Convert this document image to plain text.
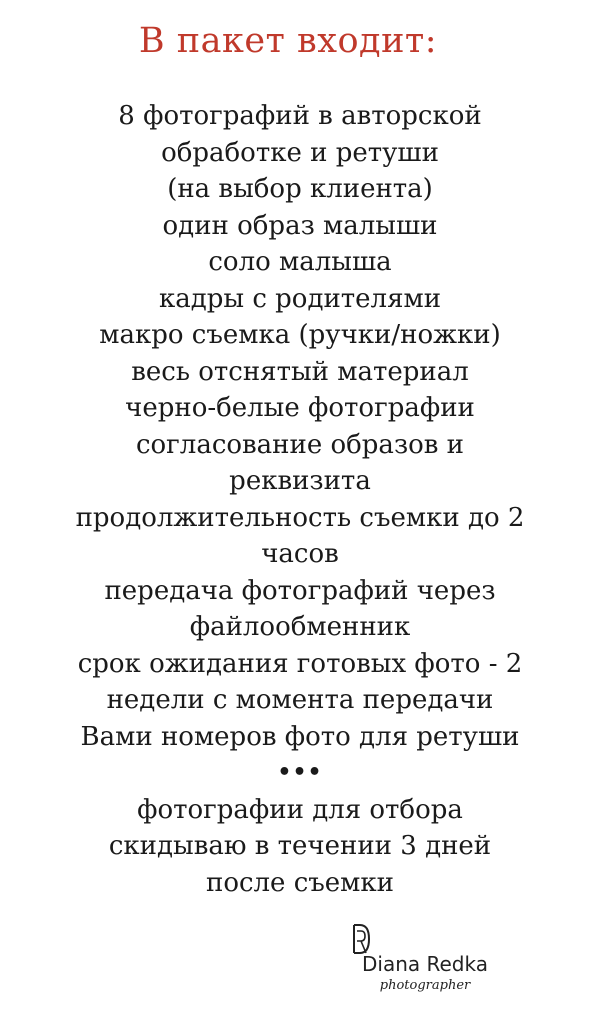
В пакет входит:
8 фотографий в авторской
обработке и ретуши
(на выбор клиента)
один образ малыши
соло малыша
кадры с родителями
макро съемка (ручки/ножки)
весь отснятый материал
черно-белые фотографии
согласование образов и
реквизита
продолжительность съемки до 2
часов
передача фотографий через
файлообменник
срок ожидания готовых фото - 2
недели с момента передачи
Вами номеров фото для ретуши
•••
фотографии для отбора
скидываю в течении 3 дней
после съемки
Diana Redka
photographer
